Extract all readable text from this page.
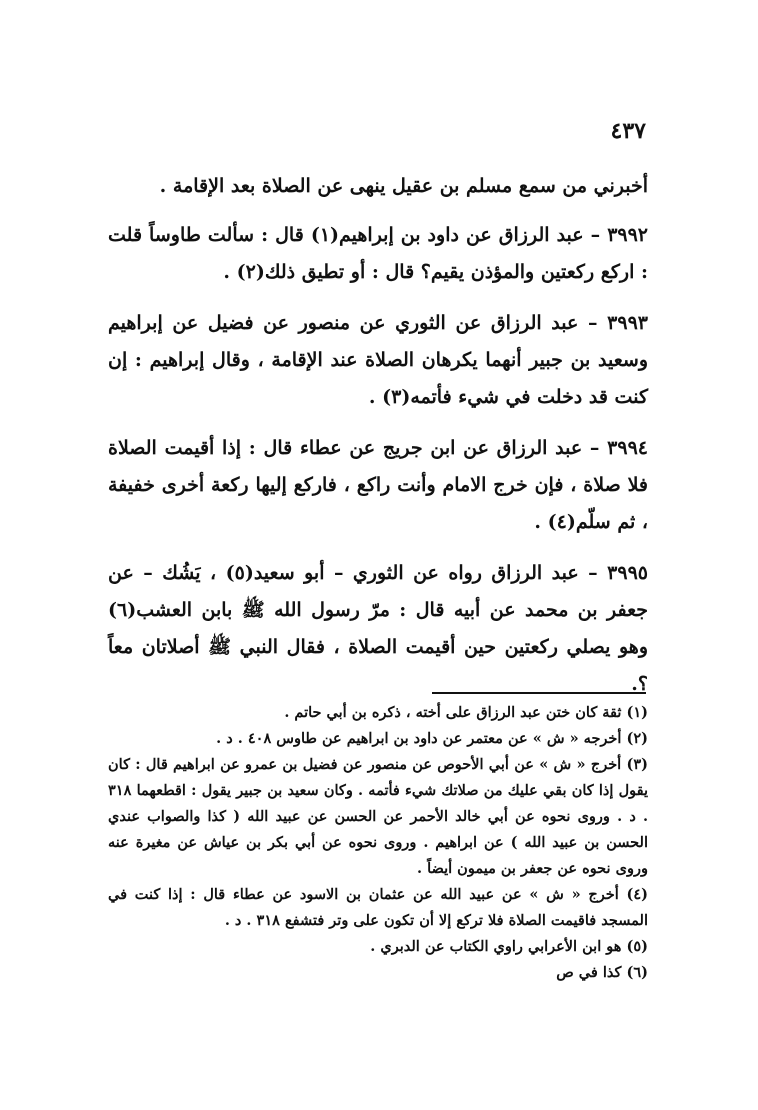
٤٣٧

أخبرني من سمع مسلم بن عقيل ينهى عن الصلاة بعد الإقامة .

٣٩٩٢ – عبد الرزاق عن داود بن إبراهيم(١) قال : سألت طاوساً قلت : اركع ركعتين والمؤذن يقيم؟ قال : أو تطيق ذلك(٢) .

٣٩٩٣ – عبد الرزاق عن الثوري عن منصور عن فضيل عن إبراهيم وسعيد بن جبير أنهما يكرهان الصلاة عند الإقامة ، وقال إبراهيم : إن كنت قد دخلت في شيء فأتمه(٣) .

٣٩٩٤ – عبد الرزاق عن ابن جريج عن عطاء قال : إذا أقيمت الصلاة فلا صلاة ، فإن خرج الامام وأنت راكع ، فاركع إليها ركعة أخرى خفيفة ، ثم سلّم(٤) .

٣٩٩٥ – عبد الرزاق رواه عن الثوري – أبو سعيد(٥) ، يَشُك – عن جعفر بن محمد عن أبيه قال : مرّ رسول الله ﷺ بابن العشب(٦) وهو يصلي ركعتين حين أقيمت الصلاة ، فقال النبي ﷺ أصلاتان معاً ؟.

(١) ثقة كان ختن عبد الرزاق على أخته ، ذكره بن أبي حاتم .

(٢) أخرجه « ش » عن معتمر عن داود بن ابراهيم عن طاوس ٤٠٨ . د .

(٣) أخرج « ش » عن أبي الأحوص عن منصور عن فضيل بن عمرو عن ابراهيم قال : كان يقول إذا كان بقي عليك من صلاتك شيء فأتمه . وكان سعيد بن جبير يقول : اقطعهما ٣١٨ . د . وروى نحوه عن أبي خالد الأحمر عن الحسن عن عبيد الله ( كذا والصواب عندي الحسن بن عبيد الله ) عن ابراهيم . وروى نحوه عن أبي بكر بن عياش عن مغيرة عنه وروى نحوه عن جعفر بن ميمون أيضاً .

(٤) أخرج « ش » عن عبيد الله عن عثمان بن الاسود عن عطاء قال : إذا كنت في المسجد فاقيمت الصلاة فلا تركع إلا أن تكون على وتر فتشفع ٣١٨ . د .

(٥) هو ابن الأعرابي راوي الكتاب عن الدبري .

(٦) كذا في ص
